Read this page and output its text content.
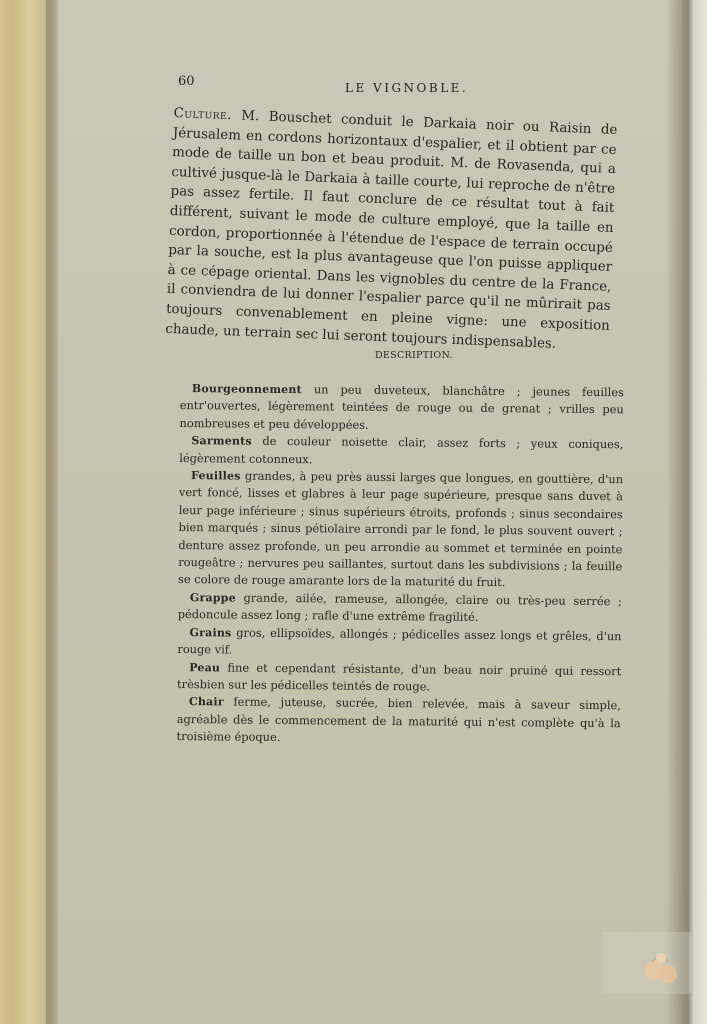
60	LE VIGNOBLE.

Culture. M. Bouschet conduit le Darkaia noir ou Raisin de Jérusalem en cordons horizontaux d'espalier, et il obtient par ce mode de taille un bon et beau produit. M. de Rovasenda, qui a cultivé jusque-là le Darkaia à taille courte, lui reproche de n'être pas assez fertile. Il faut conclure de ce résultat tout à fait différent, suivant le mode de culture employé, que la taille en cordon, proportionnée à l'étendue de l'espace de terrain occupé par la souche, est la plus avantageuse que l'on puisse appliquer à ce cépage oriental. Dans les vignobles du centre de la France, il conviendra de lui donner l'espalier parce qu'il ne mûrirait pas toujours convenablement en pleine vigne: une exposition chaude, un terrain sec lui seront toujours indispensables.

DESCRIPTION.

Bourgeonnement un peu duveteux, blanchâtre ; jeunes feuilles entr'ouvertes, légèrement teintées de rouge ou de grenat ; vrilles peu nombreuses et peu développées.

Sarments de couleur noisette clair, assez forts ; yeux coniques, légèrement cotonneux.

Feuilles grandes, à peu près aussi larges que longues, en gouttière, d'un vert foncé, lisses et glabres à leur page supérieure, presque sans duvet à leur page inférieure ; sinus supérieurs étroits, profonds ; sinus secondaires bien marqués ; sinus pétiolaire arrondi par le fond, le plus souvent ouvert ; denture assez profonde, un peu arrondie au sommet et terminée en pointe rougeâtre ; nervures peu saillantes, surtout dans les subdivisions ; la feuille se colore de rouge amarante lors de la maturité du fruit.

Grappe grande, ailée, rameuse, allongée, claire ou très-peu serrée ; pédoncule assez long ; rafle d'une extrême fragilité.

Grains gros, ellipsoïdes, allongés ; pédicelles assez longs et grêles, d'un rouge vif.

Peau fine et cependant résistante, d'un beau noir pruiné qui ressort trèsbien sur les pédicelles teintés de rouge.

Chair ferme, juteuse, sucrée, bien relevée, mais à saveur simple, agréable dès le commencement de la maturité qui n'est complète qu'à la troisième époque.
